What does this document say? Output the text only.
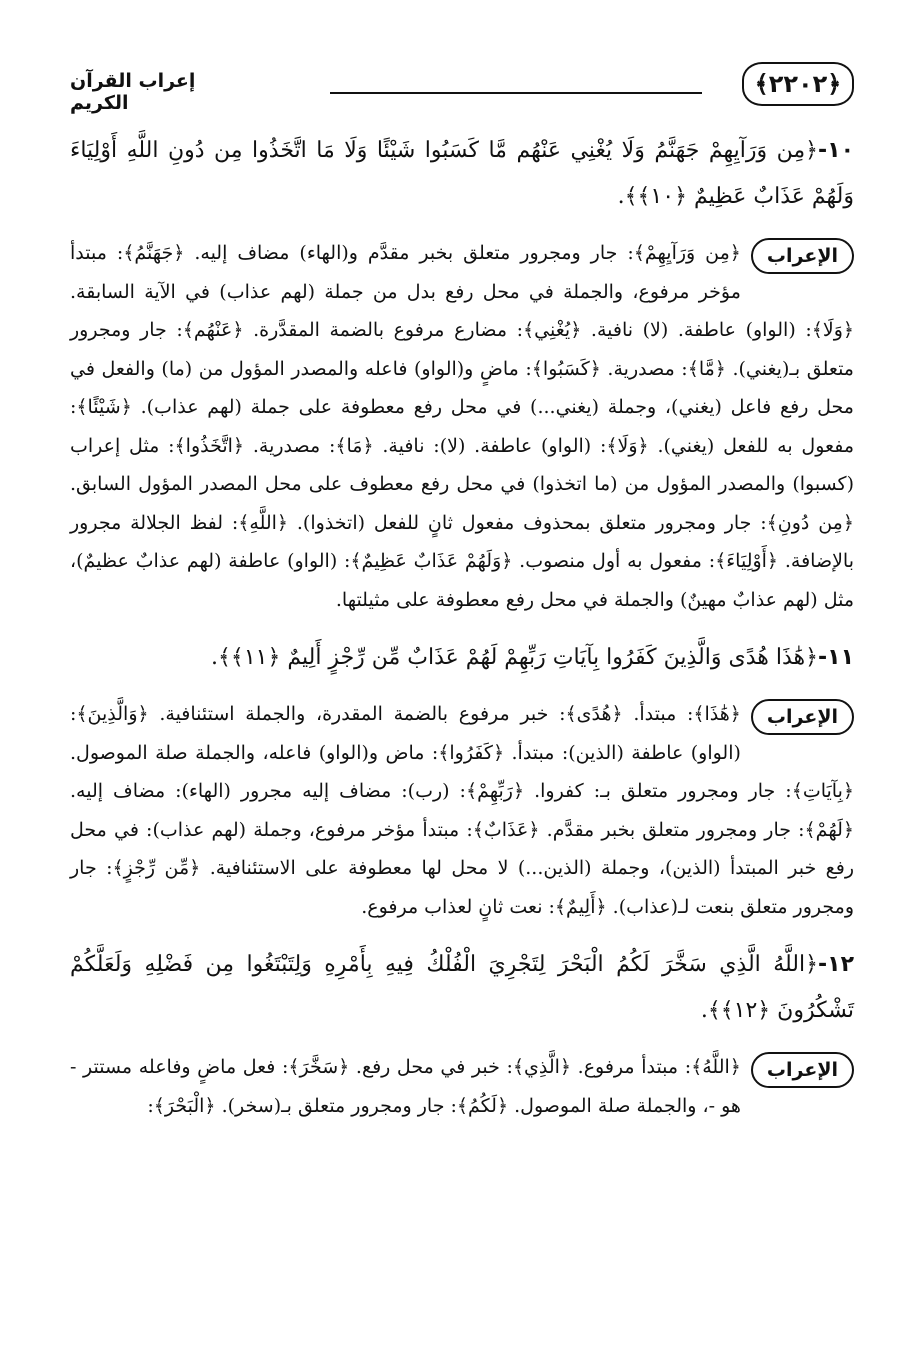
﴿٢٢٠٢﴾
إعراب القرآن الكريم
١٠-﴿مِن وَرَآيِهِمْ جَهَنَّمُ وَلَا يُغْنِي عَنْهُم مَّا كَسَبُوا شَيْئًا وَلَا مَا اتَّخَذُوا مِن دُونِ اللَّهِ أَوْلِيَاءَ وَلَهُمْ عَذَابٌ عَظِيمٌ ﴿١٠﴾﴾.
الإعراب

﴿مِن وَرَآيِهِمْ﴾: جار ومجرور متعلق بخبر مقدَّم و(الهاء) مضاف إليه. ﴿جَهَنَّمُ﴾: مبتدأ مؤخر مرفوع، والجملة في محل رفع بدل من جملة (لهم عذاب) في الآية السابقة. ﴿وَلَا﴾: (الواو) عاطفة. (لا) نافية. ﴿يُغْنِي﴾: مضارع مرفوع بالضمة المقدَّرة. ﴿عَنْهُم﴾: جار ومجرور متعلق بـ(يغني). ﴿مَّا﴾: مصدرية. ﴿كَسَبُوا﴾: ماضٍ و(الواو) فاعله والمصدر المؤول من (ما) والفعل في محل رفع فاعل (يغني)، وجملة (يغني...) في محل رفع معطوفة على جملة (لهم عذاب). ﴿شَيْئًا﴾: مفعول به للفعل (يغني). ﴿وَلَا﴾: (الواو) عاطفة. (لا): نافية. ﴿مَا﴾: مصدرية. ﴿اتَّخَذُوا﴾: مثل إعراب (كسبوا) والمصدر المؤول من (ما اتخذوا) في محل رفع معطوف على محل المصدر المؤول السابق. ﴿مِن دُونِ﴾: جار ومجرور متعلق بمحذوف مفعول ثانٍ للفعل (اتخذوا). ﴿اللَّهِ﴾: لفظ الجلالة مجرور بالإضافة. ﴿أَوْلِيَاءَ﴾: مفعول به أول منصوب. ﴿وَلَهُمْ عَذَابٌ عَظِيمٌ﴾: (الواو) عاطفة (لهم عذابٌ عظيمٌ)، مثل (لهم عذابٌ مهينٌ) والجملة في محل رفع معطوفة على مثيلتها.

١١-﴿هَٰذَا هُدًى وَالَّذِينَ كَفَرُوا بِآيَاتِ رَبِّهِمْ لَهُمْ عَذَابٌ مِّن رِّجْزٍ أَلِيمٌ ﴿١١﴾﴾.
الإعراب

﴿هَٰذَا﴾: مبتدأ. ﴿هُدًى﴾: خبر مرفوع بالضمة المقدرة، والجملة استئنافية. ﴿وَالَّذِينَ﴾: (الواو) عاطفة (الذين): مبتدأ. ﴿كَفَرُوا﴾: ماض و(الواو) فاعله، والجملة صلة الموصول. ﴿بِآيَاتِ﴾: جار ومجرور متعلق بـ: كفروا. ﴿رَبِّهِمْ﴾: (رب): مضاف إليه مجرور (الهاء): مضاف إليه. ﴿لَهُمْ﴾: جار ومجرور متعلق بخبر مقدَّم. ﴿عَذَابٌ﴾: مبتدأ مؤخر مرفوع، وجملة (لهم عذاب): في محل رفع خبر المبتدأ (الذين)، وجملة (الذين...) لا محل لها معطوفة على الاستئنافية. ﴿مِّن رِّجْزٍ﴾: جار ومجرور متعلق بنعت لـ(عذاب). ﴿أَلِيمٌ﴾: نعت ثانٍ لعذاب مرفوع.

١٢-﴿اللَّهُ الَّذِي سَخَّرَ لَكُمُ الْبَحْرَ لِتَجْرِيَ الْفُلْكُ فِيهِ بِأَمْرِهِ وَلِتَبْتَغُوا مِن فَضْلِهِ وَلَعَلَّكُمْ تَشْكُرُونَ ﴿١٢﴾﴾.
الإعراب

﴿اللَّهُ﴾: مبتدأ مرفوع. ﴿الَّذِي﴾: خبر في محل رفع. ﴿سَخَّرَ﴾: فعل ماضٍ وفاعله مستتر - هو -، والجملة صلة الموصول. ﴿لَكُمُ﴾: جار ومجرور متعلق بـ(سخر). ﴿الْبَحْرَ﴾:
